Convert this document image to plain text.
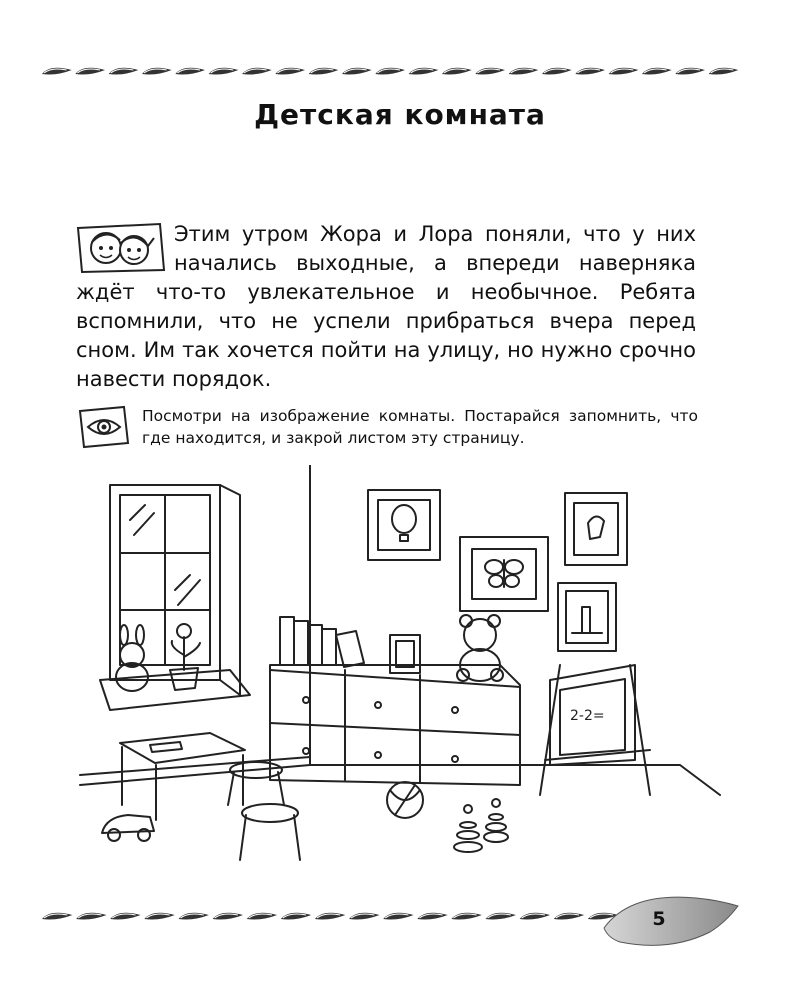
Детская комната
Этим утром Жора и Лора поняли, что у них начались выходные, а впереди наверняка ждёт что-то увлекательное и необычное. Ребята вспомнили, что не успели прибраться вчера перед сном. Им так хочется пойти на улицу, но нужно срочно навести порядок.
Посмотри на изображение комнаты. Постарайся запомнить, что где находится, и закрой листом эту страницу.
2-2=
5
